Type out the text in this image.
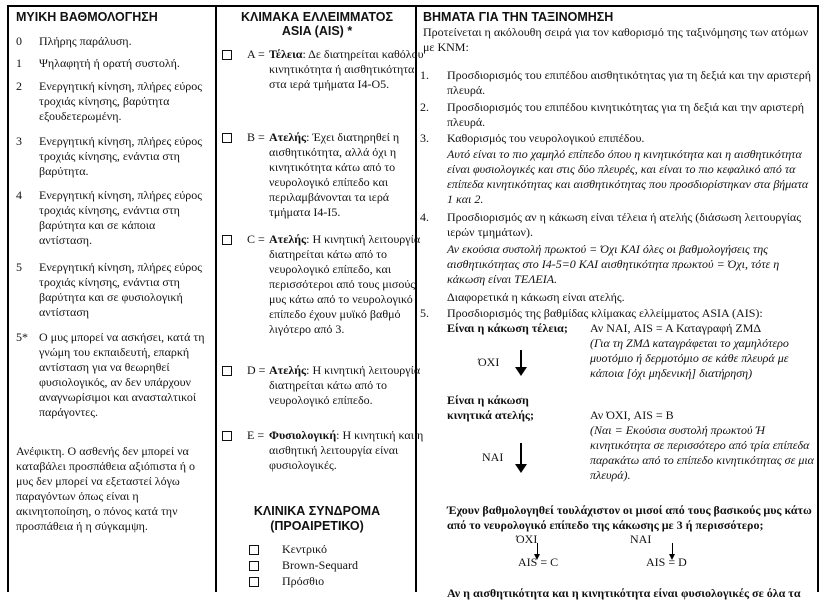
ΜΥΙΚΗ ΒΑΘΜΟΛΟΓΗΣΗ
0 Πλήρης παράλυση.
1 Ψηλαφητή ή ορατή συστολή.
2 Ενεργητική κίνηση, πλήρες εύρος τροχιάς κίνησης, βαρύτητα εξουδετερωμένη.
3 Ενεργητική κίνηση, πλήρες εύρος τροχιάς κίνησης, ενάντια στη βαρύτητα.
4 Ενεργητική κίνηση, πλήρες εύρος τροχιάς κίνησης, ενάντια στη βαρύτητα και σε κάποια αντίσταση.
5 Ενεργητική κίνηση, πλήρες εύρος τροχιάς κίνησης, ενάντια στη βαρύτητα και σε φυσιολογική αντίσταση
5* Ο μυς μπορεί να ασκήσει, κατά τη γνώμη του εκπαιδευτή, επαρκή αντίσταση για να θεωρηθεί φυσιολογικός, αν δεν υπάρχουν αναγνωρίσιμοι και ανασταλτικοί παράγοντες.
Ανέφικτη. Ο ασθενής δεν μπορεί να καταβάλει προσπάθεια αξιόπιστα ή ο μυς δεν μπορεί να εξεταστεί λόγω παραγόντων όπως είναι η ακινητοποίηση, ο πόνος κατά την προσπάθεια ή η σύγκαμψη.
ΚΛΙΜΑΚΑ ΕΛΛΕΙΜΜΑΤΟΣ
ASIA (AIS) *
A = Τέλεια: Δε διατηρείται καθόλου κινητικότητα ή αισθητικότητα στα ιερά τμήματα I4-Ο5.
B = Ατελής: Έχει διατηρηθεί η αισθητικότητα, αλλά όχι η κινητικότητα κάτω από το νευρολογικό επίπεδο και περιλαμβάνονται τα ιερά τμήματα I4-I5.
C = Ατελής: Η κινητική λειτουργία διατηρείται κάτω από το νευρολογικό επίπεδο, και περισσότεροι από τους μισούς μυς κάτω από το νευρολογικό επίπεδο έχουν μυϊκό βαθμό λιγότερο από 3.
D = Ατελής: Η κινητική λειτουργία διατηρείται κάτω από το νευρολογικό επίπεδο.
E = Φυσιολογική: Η κινητική και η αισθητική λειτουργία είναι φυσιολογικές.
ΚΛΙΝΙΚΑ ΣΥΝΔΡΟΜΑ
(ΠΡΟΑΙΡΕΤΙΚΟ)
Κεντρικό
Brown-Sequard
Πρόσθιο
ΒΗΜΑΤΑ ΓΙΑ ΤΗΝ ΤΑΞΙΝΟΜΗΣΗ
Προτείνεται η ακόλουθη σειρά για τον καθορισμό της ταξινόμησης των ατόμων με ΚΝΜ:
1. Προσδιορισμός του επιπέδου αισθητικότητας για τη δεξιά και την αριστερή πλευρά.
2. Προσδιορισμός του επιπέδου κινητικότητας για τη δεξιά και την αριστερή πλευρά.
3. Καθορισμός του νευρολογικού επιπέδου.
Αυτό είναι το πιο χαμηλό επίπεδο όπου η κινητικότητα και η αισθητικότητα είναι φυσιολογικές και στις δύο πλευρές, και είναι το πιο κεφαλικό από τα επίπεδα κινητικότητας και αισθητικότητας που προσδιορίστηκαν στα βήματα 1 και 2.
4. Προσδιορισμός αν η κάκωση είναι τέλεια ή ατελής (διάσωση λειτουργίας ιερών τμημάτων).
Αν εκούσια συστολή πρωκτού = Όχι ΚΑΙ όλες οι βαθμολογήσεις της αισθητικότητας στο I4-5=0 ΚΑΙ αισθητικότητα πρωκτού = Όχι, τότε η κάκωση είναι ΤΕΛΕΙΑ.
Διαφορετικά η κάκωση είναι ατελής.
5. Προσδιορισμός της βαθμίδας κλίμακας ελλείμματος ASIA (AIS):
Είναι η κάκωση τέλεια; Αν ΝΑΙ, AIS = A Καταγραφή ΖΜΔ
(Για τη ΖΜΔ καταγράφεται το χαμηλότερο μυοτόμιο ή δερμοτόμιο σε κάθε πλευρά με κάποια [όχι μηδενική] διατήρηση)
ΌΧΙ
Είναι η κάκωση
κινητικά ατελής;	Αν ΌΧΙ, AIS = B
(Ναι = Εκούσια συστολή πρωκτού Ή κινητικότητα σε περισσότερο από τρία επίπεδα παρακάτω από το επίπεδο κινητικότητας σε μια πλευρά).
ΝΑΙ
Έχουν βαθμολογηθεί τουλάχιστον οι μισοί από τους βασικούς μυς κάτω από το νευρολογικό επίπεδο της κάκωσης με 3 ή περισσότερο;
ΌΧΙ	ΝΑΙ
AIS = C	AIS = D
Αν η αισθητικότητα και η κινητικότητα είναι φυσιολογικές σε όλα τα
